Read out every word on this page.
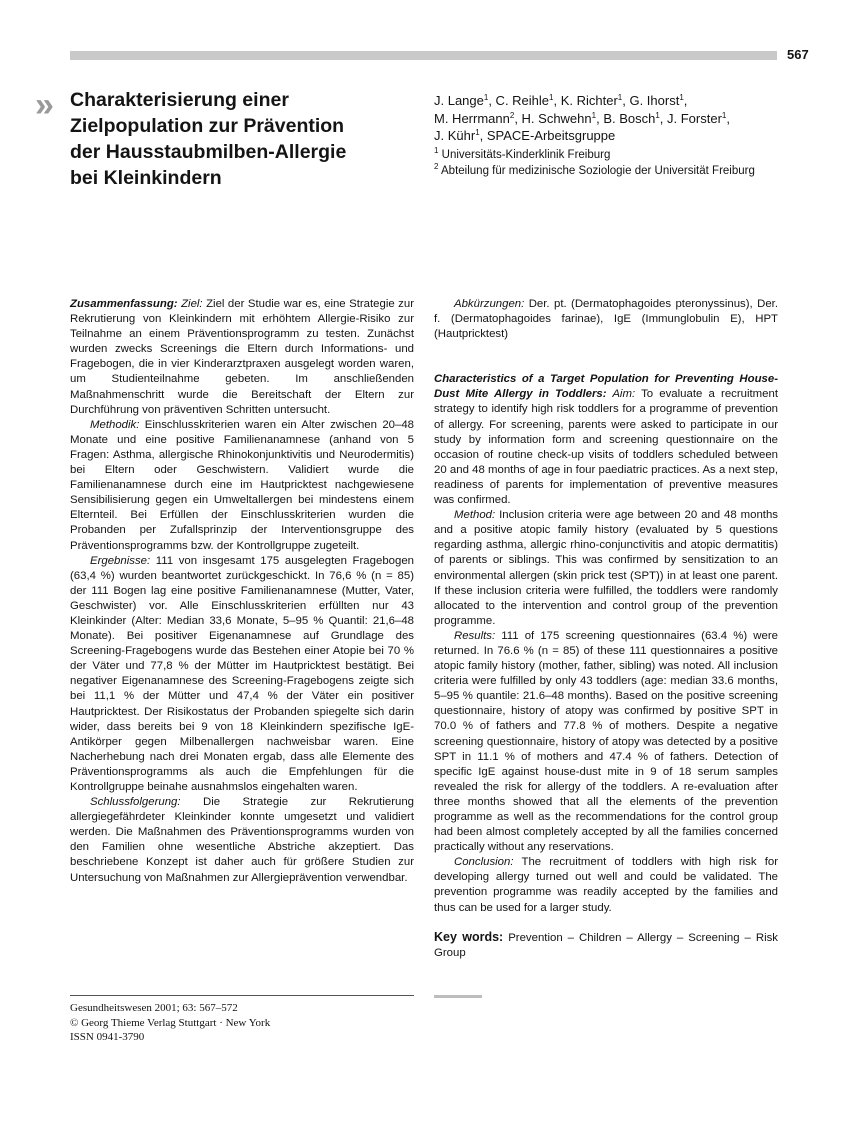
567
» Charakterisierung einer
Zielpopulation zur Prävention
der Hausstaubmilben-Allergie
bei Kleinkindern
J. Lange$^1$, C. Reihle$^1$, K. Richter$^1$, G. Ihorst$^1$,
M. Herrmann$^2$, H. Schwehn$^1$, B. Bosch$^1$, J. Forster$^1$,
J. Kühr$^1$, SPACE-Arbeitsgruppe
$^1$ Universitäts-Kinderklinik Freiburg
$^2$ Abteilung für medizinische Soziologie der Universität Freiburg

Zusammenfassung: Ziel: Ziel der Studie war es, eine Strategie zur Rekrutierung von Kleinkindern mit erhöhtem Allergie-Risiko zur Teilnahme an einem Präventionsprogramm zu testen. Zunächst wurden zwecks Screenings die Eltern durch Informations- und Fragebogen, die in vier Kinderarztpraxen ausgelegt worden waren, um Studienteilnahme gebeten. Im anschließenden Maßnahmenschritt wurde die Bereitschaft der Eltern zur Durchführung von präventiven Schritten untersucht.

Methodik: Einschlusskriterien waren ein Alter zwischen 20–48 Monate und eine positive Familienanamnese (anhand von 5 Fragen: Asthma, allergische Rhinokonjunktivitis und Neurodermitis) bei Eltern oder Geschwistern. Validiert wurde die Familienanamnese durch eine im Hautpricktest nachgewiesene Sensibilisierung gegen ein Umweltallergen bei mindestens einem Elternteil. Bei Erfüllen der Einschlusskriterien wurden die Probanden per Zufallsprinzip der Interventionsgruppe des Präventionsprogramms bzw. der Kontrollgruppe zugeteilt.

Ergebnisse: 111 von insgesamt 175 ausgelegten Fragebogen (63,4 %) wurden beantwortet zurückgeschickt. In 76,6 % (n = 85) der 111 Bogen lag eine positive Familienanamnese (Mutter, Vater, Geschwister) vor. Alle Einschlusskriterien erfüllten nur 43 Kleinkinder (Alter: Median 33,6 Monate, 5–95 % Quantil: 21,6–48 Monate). Bei positiver Eigenanamnese auf Grundlage des Screening-Fragebogens wurde das Bestehen einer Atopie bei 70 % der Väter und 77,8 % der Mütter im Hautpricktest bestätigt. Bei negativer Eigenanamnese des Screening-Fragebogens zeigte sich bei 11,1 % der Mütter und 47,4 % der Väter ein positiver Hautpricktest. Der Risikostatus der Probanden spiegelte sich darin wider, dass bereits bei 9 von 18 Kleinkindern spezifische IgE-Antikörper gegen Milbenallergen nachweisbar waren. Eine Nacherhebung nach drei Monaten ergab, dass alle Elemente des Präventionsprogramms als auch die Empfehlungen für die Kontrollgruppe beinahe ausnahmslos eingehalten waren.

Schlussfolgerung: Die Strategie zur Rekrutierung allergiegefährdeter Kleinkinder konnte umgesetzt und validiert werden. Die Maßnahmen des Präventionsprogramms wurden von den Familien ohne wesentliche Abstriche akzeptiert. Das beschriebene Konzept ist daher auch für größere Studien zur Untersuchung von Maßnahmen zur Allergieprävention verwendbar.

Abkürzungen: Der. pt. (Dermatophagoides pteronyssinus), Der. f. (Dermatophagoides farinae), IgE (Immunglobulin E), HPT (Hautpricktest)

Characteristics of a Target Population for Preventing House-Dust Mite Allergy in Toddlers: Aim: To evaluate a recruitment strategy to identify high risk toddlers for a programme of prevention of allergy. For screening, parents were asked to participate in our study by information form and screening questionnaire on the occasion of routine check-up visits of toddlers scheduled between 20 and 48 months of age in four paediatric practices. As a next step, readiness of parents for implementation of preventive measures was confirmed.

Method: Inclusion criteria were age between 20 and 48 months and a positive atopic family history (evaluated by 5 questions regarding asthma, allergic rhino-conjunctivitis and atopic dermatitis) of parents or siblings. This was confirmed by sensitization to an environmental allergen (skin prick test (SPT)) in at least one parent. If these inclusion criteria were fulfilled, the toddlers were randomly allocated to the intervention and control group of the prevention programme.

Results: 111 of 175 screening questionnaires (63.4 %) were returned. In 76.6 % (n = 85) of these 111 questionnaires a positive atopic family history (mother, father, sibling) was noted. All inclusion criteria were fulfilled by only 43 toddlers (age: median 33.6 months, 5–95 % quantile: 21.6–48 months). Based on the positive screening questionnaire, history of atopy was confirmed by positive SPT in 70.0 % of fathers and 77.8 % of mothers. Despite a negative screening questionnaire, history of atopy was detected by a positive SPT in 11.1 % of mothers and 47.4 % of fathers. Detection of specific IgE against house-dust mite in 9 of 18 serum samples revealed the risk for allergy of the toddlers. A re-evaluation after three months showed that all the elements of the prevention programme as well as the recommendations for the control group had been almost completely accepted by all the families concerned practically without any reservations.

Conclusion: The recruitment of toddlers with high risk for developing allergy turned out well and could be validated. The prevention programme was readily accepted by the families and thus can be used for a larger study.

Key words: Prevention – Children – Allergy – Screening – Risk Group

Gesundheitswesen 2001; 63: 567–572
© Georg Thieme Verlag Stuttgart · New York
ISSN 0941-3790
